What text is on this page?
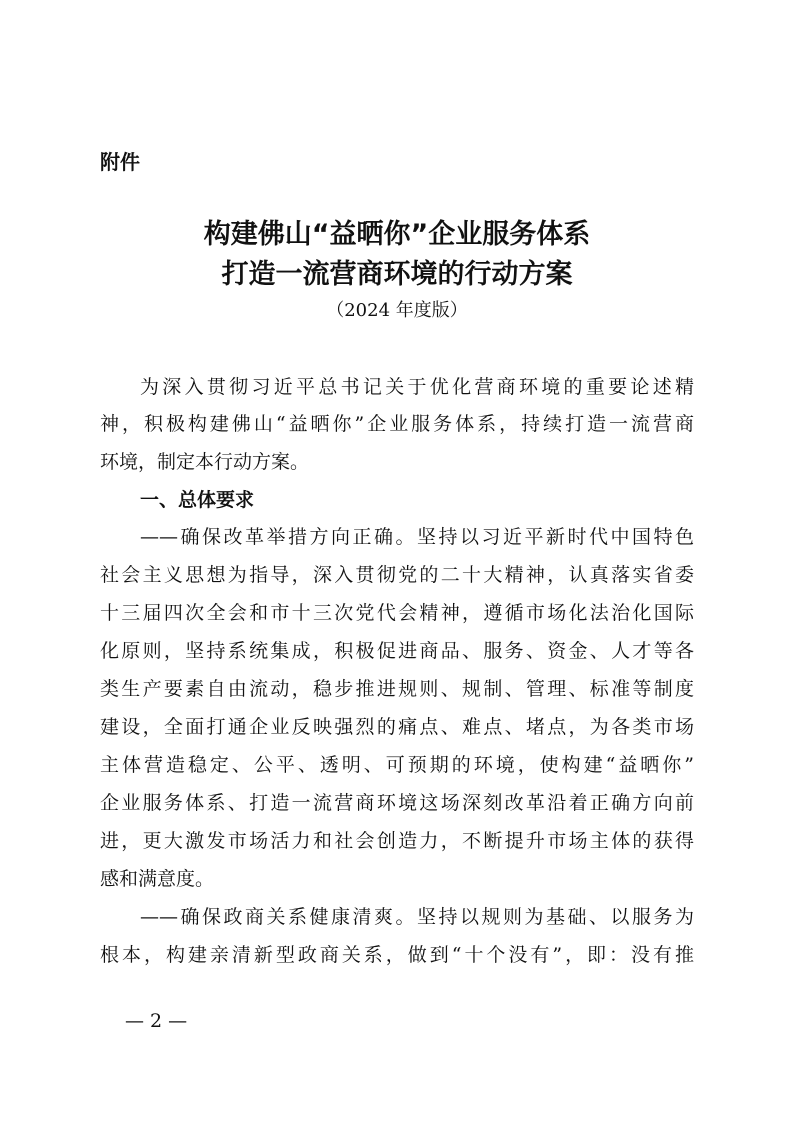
附件
构建佛山“益晒你”企业服务体系
打造一流营商环境的行动方案
（2024 年度版）
为深入贯彻习近平总书记关于优化营商环境的重要论述精
神，积极构建佛山“益晒你”企业服务体系，持续打造一流营商
环境，制定本行动方案。
一、总体要求
——确保改革举措方向正确。坚持以习近平新时代中国特色
社会主义思想为指导，深入贯彻党的二十大精神，认真落实省委
十三届四次全会和市十三次党代会精神，遵循市场化法治化国际
化原则，坚持系统集成，积极促进商品、服务、资金、人才等各
类生产要素自由流动，稳步推进规则、规制、管理、标准等制度
建设，全面打通企业反映强烈的痛点、难点、堵点，为各类市场
主体营造稳定、公平、透明、可预期的环境，使构建“益晒你”
企业服务体系、打造一流营商环境这场深刻改革沿着正确方向前
进，更大激发市场活力和社会创造力，不断提升市场主体的获得
感和满意度。
——确保政商关系健康清爽。坚持以规则为基础、以服务为
根本，构建亲清新型政商关系，做到“十个没有”，即：没有推
— 2 —
